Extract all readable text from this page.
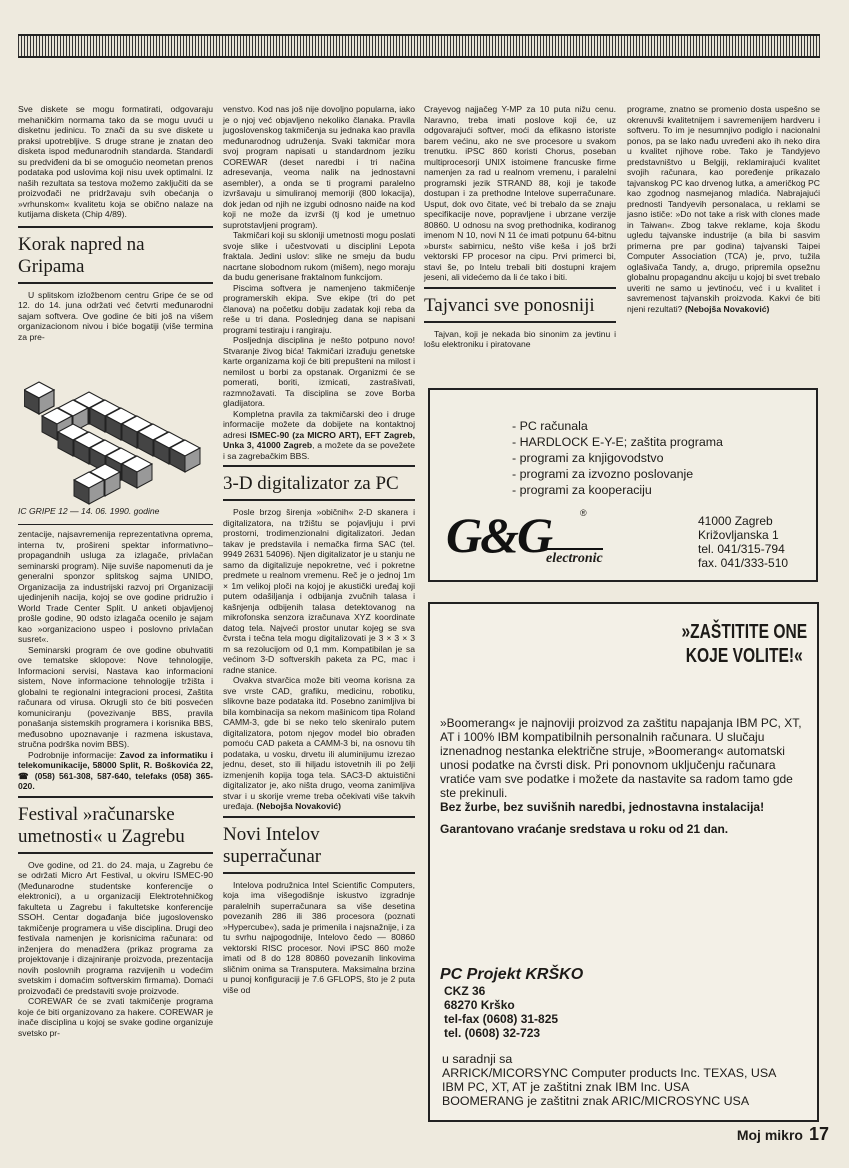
Sve diskete se mogu formatirati, odgovaraju mehaničkim normama tako da se mogu uvući u disketnu jedinicu. To znači da su sve diskete u praksi upotrebljive. S druge strane je znatan deo disketa ispod međunarodnih standarda. Standardi su predviđeni da bi se omogućio neometan prenos podataka pod uslovima koji nisu uvek optimalni. Iz naših rezultata sa testova možemo zaključiti da se proizvođači ne pridržavaju svih obećanja o »vrhunskom« kvalitetu koja se obično nalaze na kutijama disketa (Chip 4/89).

Korak napred na Gripama

U splitskom izložbenom centru Gripe će se od 12. do 14. juna održati već četvrti međunarodni sajam softvera. Ove godine će biti još na višem organizacionom nivou i biće bogatiji (više termina za pre-

IC GRIPE 12 — 14. 06. 1990. godine

zentacije, najsavremenija reprezentativna oprema, interna tv, prošireni spektar informativno–propagandnih usluga za izlagače, privlačan seminarski program). Nije suviše napomenuti da je generalni sponzor splitskog sajma UNIDO, Organizacija za industrijski razvoj pri Organizaciji ujedinjenih nacija, kojoj se ove godine pridružio i World Trade Center Split. U anketi objavljenoj prošle godine, 90 odsto izlagača ocenilo je sajam kao »organizaciono uspeo i poslovno privlačan susret«.

Seminarski program će ove godine obuhvatiti ove tematske sklopove: Nove tehnologije, Informacioni servisi, Nastava kao informacioni sistem, Nove informacione tehnologije tržišta i globalni te regionalni integracioni procesi, Zaštita računara od virusa. Okrugli sto će biti posvećen komuniciranju (povezivanje BBS, pravila ponašanja sistemskih programera i korisnika BBS, međusobno upoznavanje i razmena iskustava, stručna podrška novim BBS).

Podrobnije informacije: Zavod za informatiku i telekomunikacije, 58000 Split, R. Boškovića 22, ☎ (058) 561-308, 587-640, telefaks (058) 365-020.

Festival »računarske umetnosti« u Zagrebu

Ove godine, od 21. do 24. maja, u Zagrebu će se održati Micro Art Festival, u okviru ISMEC-90 (Međunarodne studentske konferencije o elektronici), a u organizaciji Elektrotehničkog fakulteta u Zagrebu i fakultetske konferencije SSOH. Centar događanja biće jugoslovensko takmičenje programera u više disciplina. Drugi deo festivala namenjen je korisnicima računara: od inženjera do menadžera (prikaz programa za projektovanje i dizajniranje proizvoda, prezentacija novih poslovnih programa razvijenih u vodećim svetskim i domaćim softverskim firmama). Domaći proizvođači će predstaviti svoje proizvode.

COREWAR će se zvati takmičenje programa koje će biti organizovano za hakere. COREWAR je inače disciplina u kojoj se svake godine organizuje svetsko pr-

venstvo. Kod nas još nije dovoljno popularna, iako je o njoj već objavljeno nekoliko članaka. Pravila jugoslovenskog takmičenja su jednaka kao pravila međunarodnog udruženja. Svaki takmičar mora svoj program napisati u standardnom jeziku COREWAR (deset naredbi i tri načina adresevanja, veoma nalik na jednostavni asembler), a onda se ti programi paralelno izvršavaju u simuliranoj memoriji (800 lokacija), dok jedan od njih ne izgubi odnosno naiđe na kod koji ne može da izvrši (tj kod je umetnuo suprotstavljeni program).

Takmičari koji su skloniji umetnosti mogu poslati svoje slike i učestvovati u disciplini Lepota fraktala. Jedini uslov: slike ne smeju da budu nacrtane slobodnom rukom (mišem), nego moraju da budu generisane fraktalnom funkcijom.

Piscima softvera je namenjeno takmičenje programerskih ekipa. Sve ekipe (tri do pet članova) na početku dobiju zadatak koji reba da reše u tri dana. Poslednjeg dana se napisani programi testiraju i rangiraju.

Posljednja disciplina je nešto potpuno novo! Stvaranje živog bića! Takmičari izrađuju genetske karte organizama koji će biti prepušteni na milost i nemilost u borbi za opstanak. Organizmi će se pomerati, boriti, izmicati, zastrašivati, razmnožavati. Ta disciplina se zove Borba gladijatora.

Kompletna pravila za takmičarski deo i druge informacije možete da dobijete na kontaktnoj adresi ISMEC-90 (za MICRO ART), EFT Zagreb, Unka 3, 41000 Zagreb, a možete da se povežete i sa zagrebačkim BBS.

3-D digitalizator za PC

Posle brzog širenja »običnih« 2-D skanera i digitalizatora, na tržištu se pojavljuju i prvi prostorni, trodimenzionalni digitalizatori. Jedan takav je predstavila i nemačka firma SAC (tel. 9949 2631 54096). Njen digitalizator je u stanju ne samo da digitalizuje nepokretne, već i pokretne predmete u realnom vremenu. Reč je o jednoj 1m × 1m velikoj ploči na kojoj je akustički uređaj koji putem odašiljanja i odbijanja zvučnih talasa i kašnjenja odbijenih talasa detektovanog na mikrofonska senzora izračunava XYZ koordinate datog tela. Najveći prostor unutar kojeg se sva čvrsta i tečna tela mogu digitalizovati je 3 × 3 × 3 m sa rezolucijom od 0,1 mm. Kompatibilan je sa većinom 3-D softverskih paketa za PC, mac i radne stanice.

Ovakva stvarčica može biti veoma korisna za sve vrste CAD, grafiku, medicinu, robotiku, slikovne baze podataka itd. Posebno zanimljiva bi bila kombinacija sa nekom mašinicom tipa Roland CAMM-3, gde bi se neko telo skeniralo putem digitalizatora, potom njegov model bio obrađen pomoću CAD paketa a CAMM-3 bi, na osnovu tih podataka, u vosku, drvetu ili aluminijumu izrezao jednu, deset, sto ili hiljadu istovetnih ili po želji izmenjenih kopija toga tela. SAC3-D aktuistični digitalizator je, ako ništa drugo, veoma zanimljiva stvar i u skorije vreme treba očekivati više takvih uređaja. (Nebojša Novaković)

Novi Intelov superračunar

Intelova podružnica Intel Scientific Computers, koja ima višegodišnje iskustvo izgradnje paralelnih superračunara sa više desetina povezanih 286 ili 386 procesora (poznati »Hypercube«), sada je primenila i najsnažnije, i za tu svrhu najpogodnije, Intelovo čedo — 80860 vektorski RISC procesor. Novi iPSC 860 može imati od 8 do 128 80860 povezanih linkovima sličnim onima sa Transputera. Maksimalna brzina u punoj konfiguraciji je 7.6 GFLOPS, što je 2 puta više od

Crayevog najjačeg Y-MP za 10 puta nižu cenu. Naravno, treba imati poslove koji će, uz odgovarajući softver, moći da efikasno istoriste barem većinu, ako ne sve procesore u svakom trenutku. iPSC 860 koristi Chorus, poseban multiprocesorji UNIX istoimene francuske firme namenjen za rad u realnom vremenu, i paralelni programski jezik STRAND 88, koji je takođe dostupan i za prethodne Intelove superračunare. Usput, dok ovo čitate, već bi trebalo da se znaju specifikacije nove, popravljene i ubrzane verzije 80860. U odnosu na svog prethodnika, kodiranog imenom N 10, novi N 11 će imati potpunu 64-bitnu »burst« sabirnicu, nešto više keša i još brži vektorski FP procesor na cipu. Prvi primerci bi, stavi še, po Intelu trebali biti dostupni krajem jeseni, ali videćemo da li će tako i biti.

Tajvanci sve ponosniji

Tajvan, koji je nekada bio sinonim za jevtinu i lošu elektroniku i piratovane

programe, znatno se promenio dosta uspešno se okrenuvši kvalitetnijem i savremenijem hardveru i softveru. To im je nesumnjivo podiglo i nacionalni ponos, pa se lako nađu uvređeni ako ih neko dira u kvalitet njihove robe. Tako je Tandyjevo predstavništvo u Belgiji, reklamirajući kvalitet svojih računara, kao poređenje prikazalo tajvanskog PC kao drvenog lutka, a američkog PC kao zgodnog nasmejanog mladića. Nabrajajući prednosti Tandyevih personalaca, u reklami se jasno ističe: »Do not take a risk with clones made in Taiwan«. Zbog takve reklame, koja škodu ugledu tajvanske industrije (a bila bi sasvim primerna pre par godina) tajvanski Taipei Computer Association (TCA) je, prvo, tužila oglašivača Tandy, a, drugo, pripremila opsežnu globalnu propagandnu akciju u kojoj bi svet trebalo uveriti ne samo u jevtinoću, već i u kvalitet i savremenost tajvanskih proizvoda. Kakvi će biti njeni rezultati? (Nebojša Novaković)

- PC računala
- HARDLOCK E-Y-E; zaštita programa
- programi za knjigovodstvo
- programi za izvozno poslovanje
- programi za kooperaciju
G&G
electronic
®
41000 Zagreb
Križovljanska 1
tel. 041/315-794
fax. 041/333-510
»ZAŠTITITE ONE
KOJE VOLITE!«
»Boomerang« je najnoviji proizvod za zaštitu napajanja IBM PC, XT, AT i 100% IBM kompatibilnih personalnih računara. U slučaju iznenadnog nestanka električne struje, »Boomerang« automatski unosi podatke na čvrsti disk. Pri ponovnom uključenju računara vratiće vam sve podatke i možete da nastavite sa radom tamo gde ste prekinuli.
Bez žurbe, bez suvišnih naredbi, jednostavna instalacija!
Garantovano vraćanje sredstava u roku od 21 dan.
PC Projekt KRŠKO
CKZ 36
68270 Krško
tel-fax (0608) 31-825
tel. (0608) 32-723
u saradnji sa
ARRICK/MICORSYNC Computer products Inc. TEXAS, USA
IBM PC, XT, AT je zaštitni znak IBM Inc. USA
BOOMERANG je zaštitni znak ARIC/MICROSYNC USA
Moj mikro 17
